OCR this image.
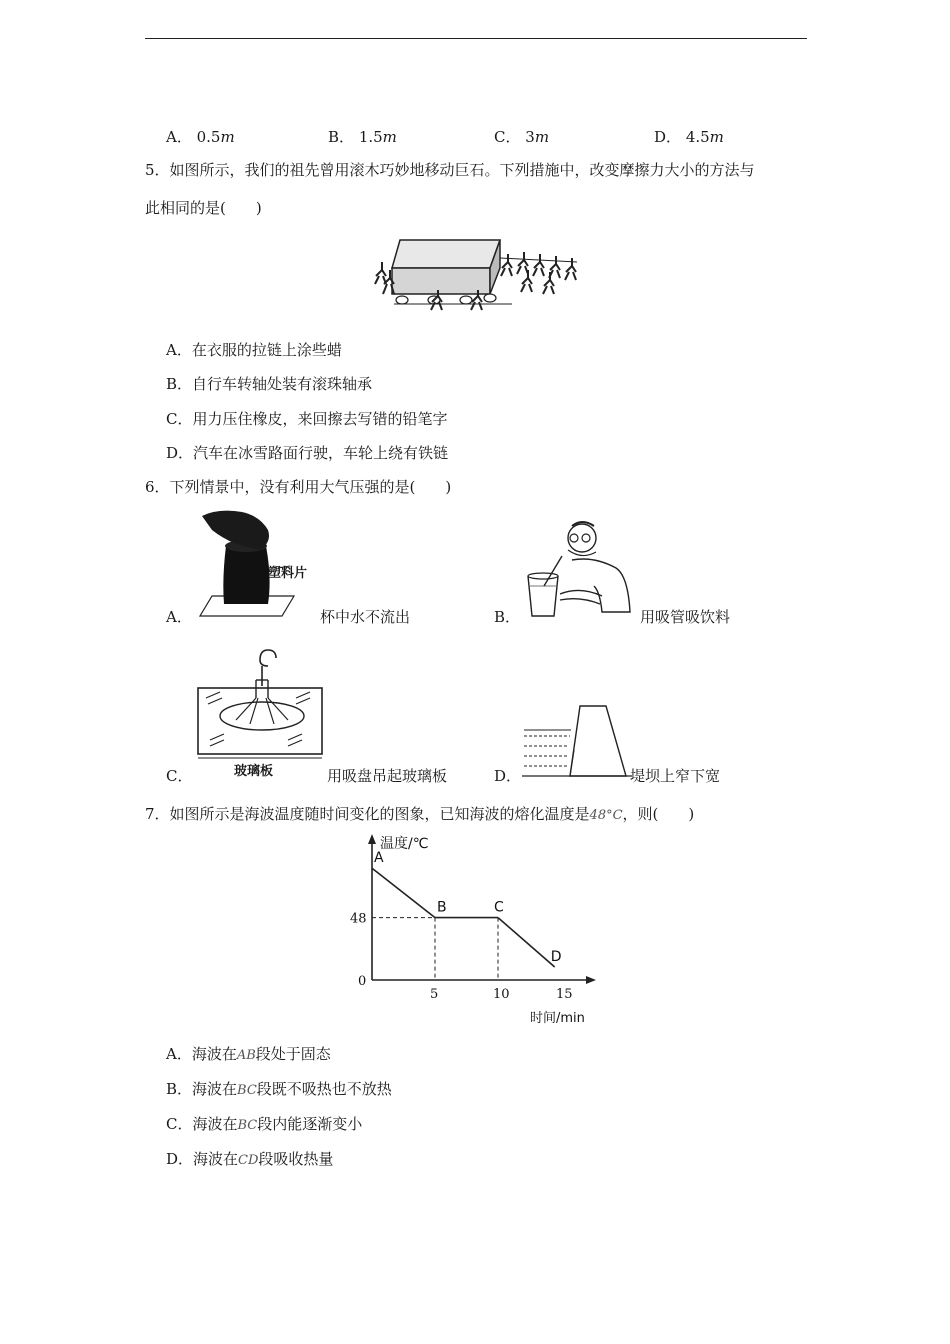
A． 0.5m	B． 1.5m	C． 3m	D． 4.5m
5．如图所示，我们的祖先曾用滚木巧妙地移动巨石。下列措施中，改变摩擦力大小的方法与
此相同的是(　　)
A．在衣服的拉链上涂些蜡
B．自行车转轴处装有滚珠轴承
C．用力压住橡皮，来回擦去写错的铅笔字
D．汽车在冰雪路面行驶，车轮上绕有铁链
6．下列情景中，没有利用大气压强的是(　　)
A．
塑料片
杯中水不流出	B．	用吸管吸饮料
C．	玻璃板	用吸盘吊起玻璃板	D．	堤坝上窄下宽
7．如图所示是海波温度随时间变化的图象，已知海波的熔化温度是48°C，则(　　)
温度/℃
时间/min
A
B	C
D
5	10	15
0
48
A．海波在AB段处于固态
B．海波在BC段既不吸热也不放热
C．海波在BC段内能逐渐变小
D．海波在CD段吸收热量
